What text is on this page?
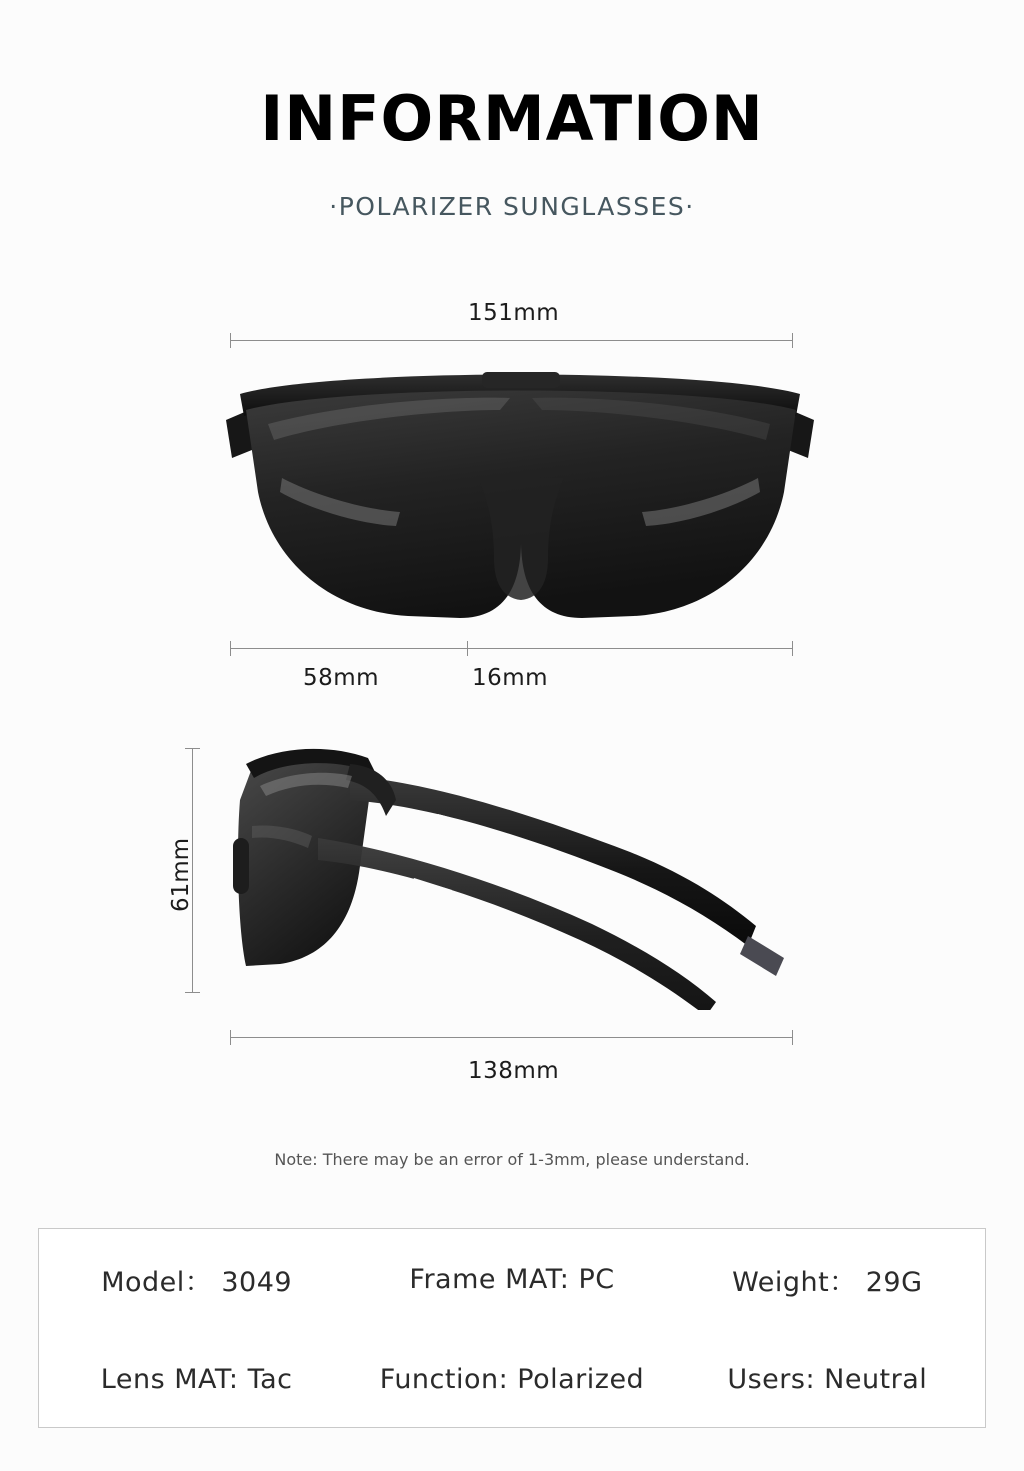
INFORMATION
·POLARIZER SUNGLASSES·
151mm
58mm	16mm
61mm
138mm
Note: There may be an error of 1-3mm, please understand.
Model： 3049	Frame MAT: PC	Weight： 29G
Lens MAT: Tac	Function: Polarized	Users: Neutral
